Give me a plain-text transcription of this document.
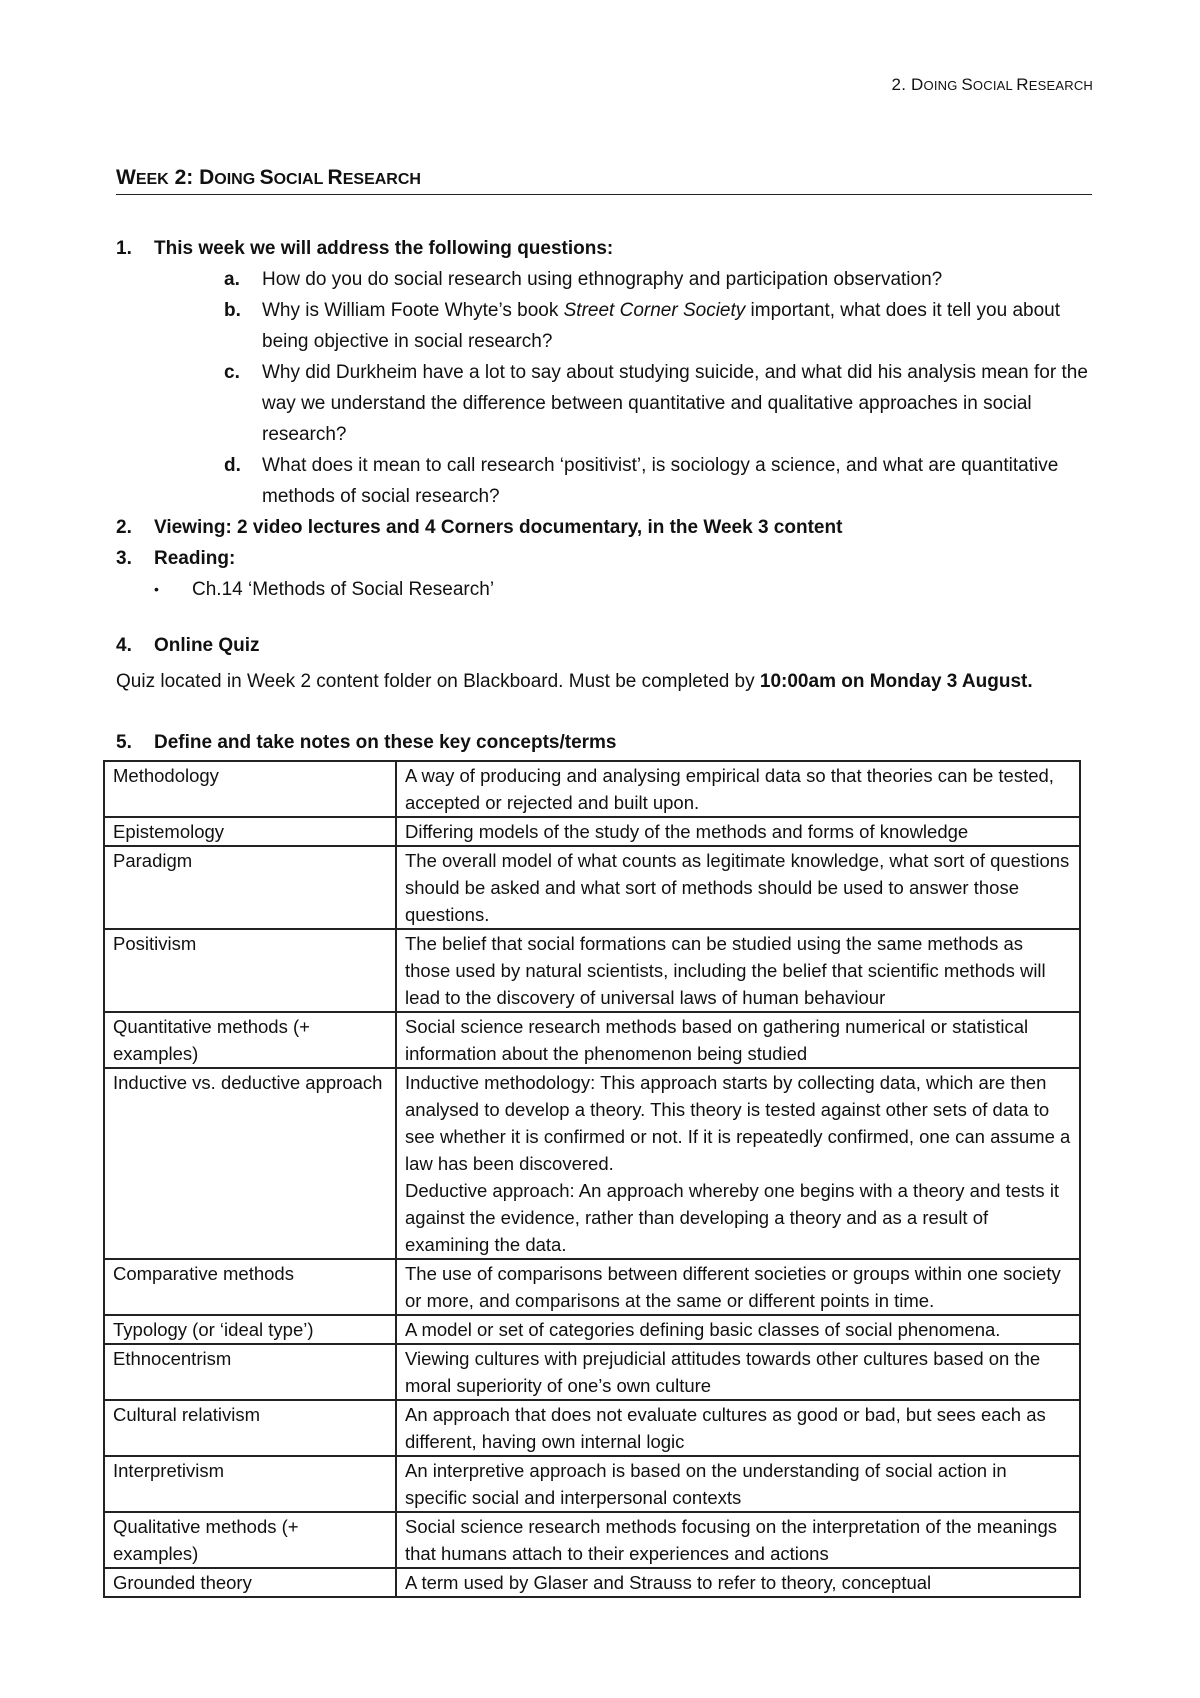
2. DOING SOCIAL RESEARCH
WEEK 2: DOING SOCIAL RESEARCH
1.	This week we will address the following questions:
a.	How do you do social research using ethnography and participation observation?
b.	Why is William Foote Whyte’s book Street Corner Society important, what does it tell you about being objective in social research?
c.	Why did Durkheim have a lot to say about studying suicide, and what did his analysis mean for the way we understand the difference between quantitative and qualitative approaches in social research?
d.	What does it mean to call research ‘positivist’, is sociology a science, and what are quantitative methods of social research?
2.	Viewing: 2 video lectures and 4 Corners documentary, in the Week 3 content
3.	Reading:
•	Ch.14 ‘Methods of Social Research’
4.	Online Quiz
Quiz located in Week 2 content folder on Blackboard. Must be completed by 10:00am on Monday 3 August.
5.	Define and take notes on these key concepts/terms
Methodology	A way of producing and analysing empirical data so that theories can be tested, accepted or rejected and built upon.

Epistemology	Differing models of the study of the methods and forms of knowledge

Paradigm	The overall model of what counts as legitimate knowledge, what sort of questions should be asked and what sort of methods should be used to answer those questions.

Positivism	The belief that social formations can be studied using the same methods as those used by natural scientists, including the belief that scientific methods will lead to the discovery of universal laws of human behaviour

Quantitative methods (+ examples)	Social science research methods based on gathering numerical or statistical information about the phenomenon being studied

Inductive vs. deductive approach	Inductive methodology: This approach starts by collecting data, which are then analysed to develop a theory. This theory is tested against other sets of data to see whether it is confirmed or not. If it is repeatedly confirmed, one can assume a law has been discovered.
Deductive approach: An approach whereby one begins with a theory and tests it against the evidence, rather than developing a theory and as a result of examining the data.

Comparative methods	The use of comparisons between different societies or groups within one society or more, and comparisons at the same or different points in time.

Typology (or ‘ideal type’)	A model or set of categories defining basic classes of social phenomena.

Ethnocentrism	Viewing cultures with prejudicial attitudes towards other cultures based on the moral superiority of one’s own culture

Cultural relativism	An approach that does not evaluate cultures as good or bad, but sees each as different, having own internal logic

Interpretivism	An interpretive approach is based on the understanding of social action in specific social and interpersonal contexts

Qualitative methods (+ examples)	Social science research methods focusing on the interpretation of the meanings that humans attach to their experiences and actions

Grounded theory	A term used by Glaser and Strauss to refer to theory, conceptual
